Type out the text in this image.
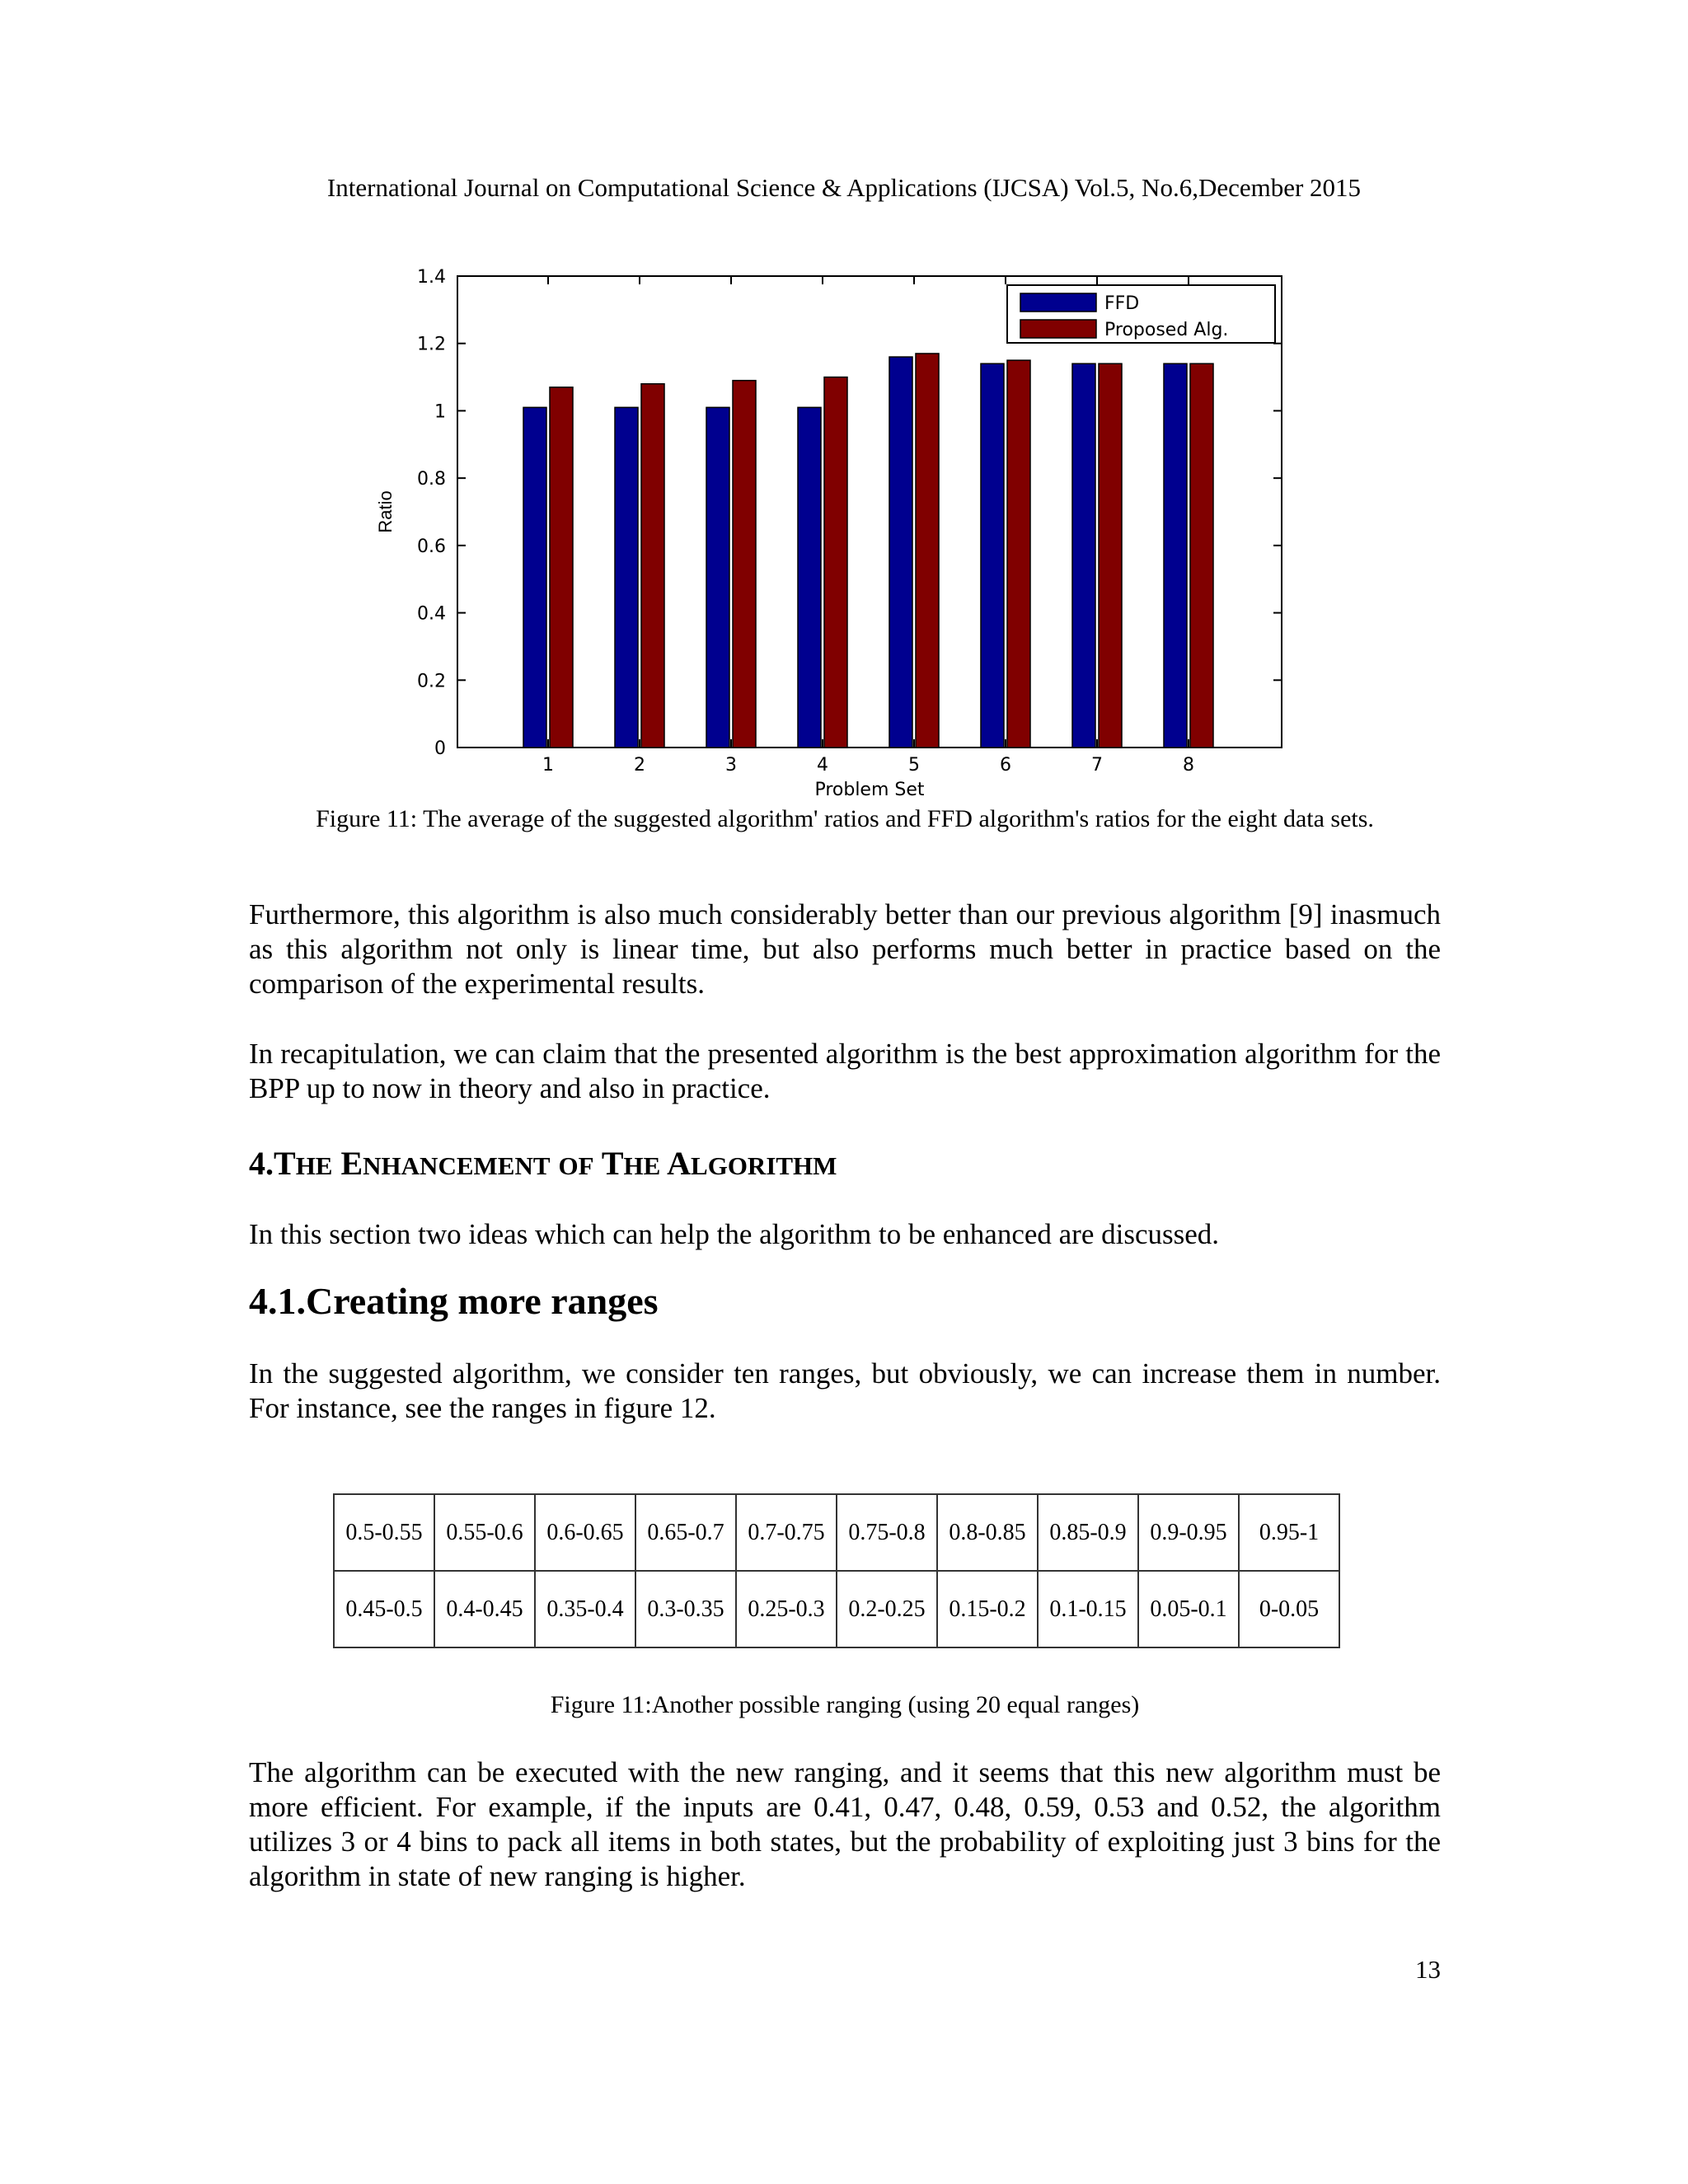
International Journal on Computational Science & Applications (IJCSA) Vol.5, No.6,December 2015
0
0.2
0.4
0.6
0.8
1
1.2
1.4
1	2	3	4	5	6	7	8
Problem Set
Ratio
FFD
Proposed Alg.
Figure 11: The average of the suggested algorithm' ratios and FFD algorithm's ratios for the eight data sets.
Furthermore, this algorithm is also much considerably better than our previous algorithm [9] inasmuch as this algorithm not only is linear time, but also performs much better in practice based on the comparison of the experimental results.
In recapitulation, we can claim that the presented algorithm is the best approximation algorithm for the BPP up to now in theory and also in practice.
4.THE ENHANCEMENT OF THE ALGORITHM
In this section two ideas which can help the algorithm to be enhanced are discussed.
4.1.Creating more ranges
In the suggested algorithm, we consider ten ranges, but obviously, we can increase them in number. For instance, see the ranges in figure 12.
0.5-0.55	0.55-0.6	0.6-0.65	0.65-0.7	0.7-0.75	0.75-0.8	0.8-0.85	0.85-0.9	0.9-0.95	0.95-1
0.45-0.5	0.4-0.45	0.35-0.4	0.3-0.35	0.25-0.3	0.2-0.25	0.15-0.2	0.1-0.15	0.05-0.1	0-0.05
Figure 11:Another possible ranging (using 20 equal ranges)
The algorithm can be executed with the new ranging, and it seems that this new algorithm must be more efficient. For example, if the inputs are 0.41, 0.47, 0.48, 0.59, 0.53 and 0.52, the algorithm utilizes 3 or 4 bins to pack all items in both states, but the probability of exploiting just 3 bins for the algorithm in state of new ranging is higher.
13
